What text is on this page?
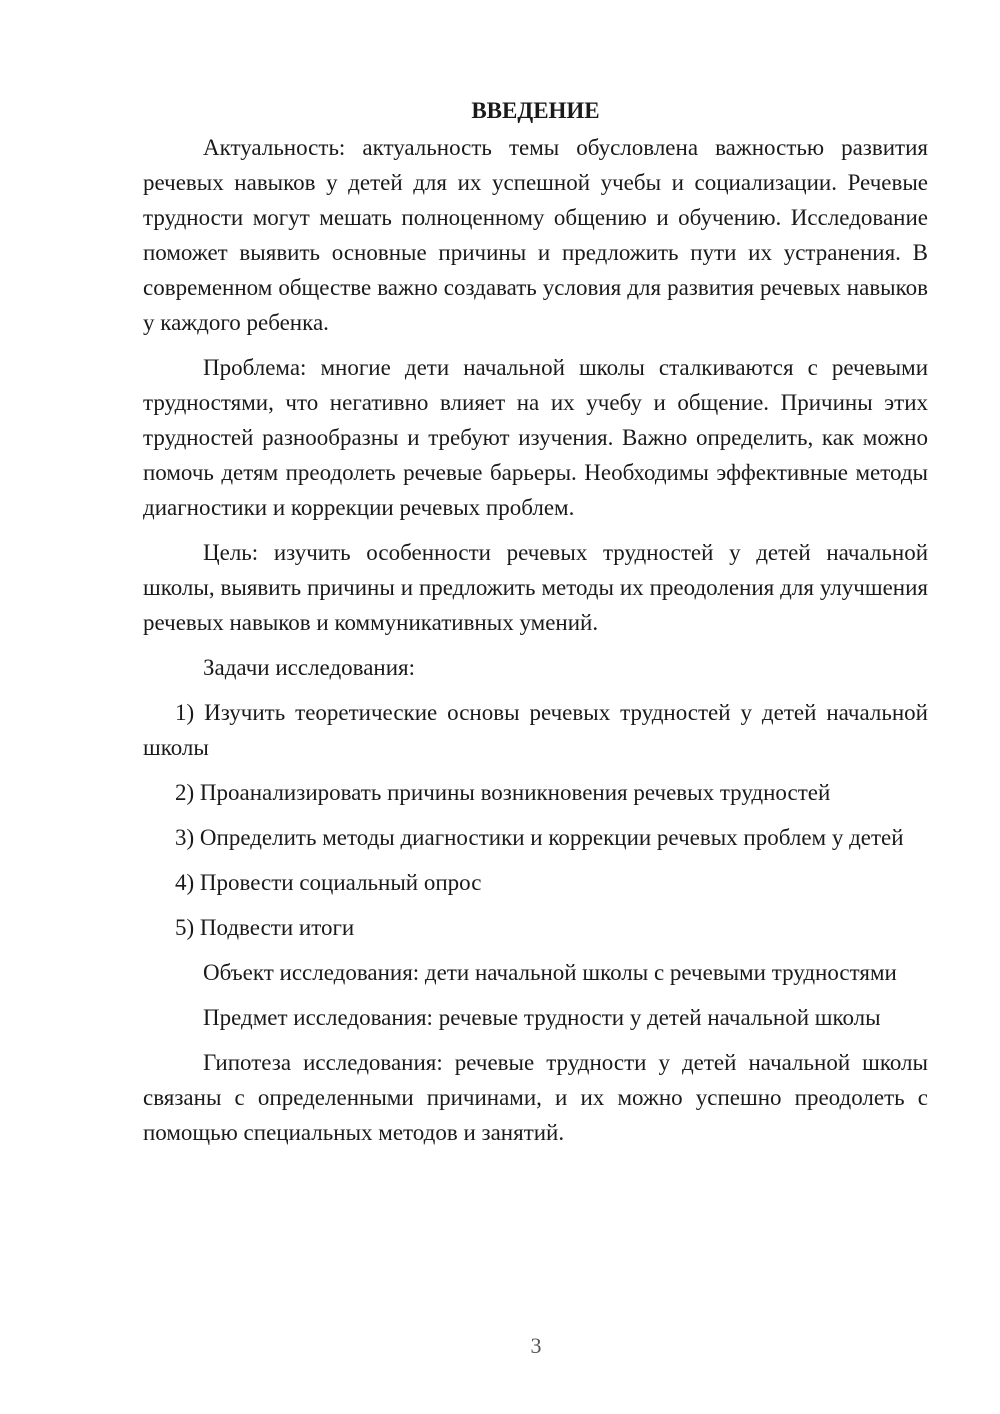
ВВЕДЕНИЕ

Актуальность: актуальность темы обусловлена важностью развития речевых навыков у детей для их успешной учебы и социализации. Речевые трудности могут мешать полноценному общению и обучению. Исследование поможет выявить основные причины и предложить пути их устранения. В современном обществе важно создавать условия для развития речевых навыков у каждого ребенка.

Проблема: многие дети начальной школы сталкиваются с речевыми трудностями, что негативно влияет на их учебу и общение. Причины этих трудностей разнообразны и требуют изучения. Важно определить, как можно помочь детям преодолеть речевые барьеры. Необходимы эффективные методы диагностики и коррекции речевых проблем.

Цель: изучить особенности речевых трудностей у детей начальной школы, выявить причины и предложить методы их преодоления для улучшения речевых навыков и коммуникативных умений.

Задачи исследования:

1) Изучить теоретические основы речевых трудностей у детей начальной школы

2) Проанализировать причины возникновения речевых трудностей

3) Определить методы диагностики и коррекции речевых проблем у детей

4) Провести социальный опрос

5) Подвести итоги

Объект исследования: дети начальной школы с речевыми трудностями

Предмет исследования: речевые трудности у детей начальной школы

Гипотеза исследования: речевые трудности у детей начальной школы связаны с определенными причинами, и их можно успешно преодолеть с помощью специальных методов и занятий.

3
